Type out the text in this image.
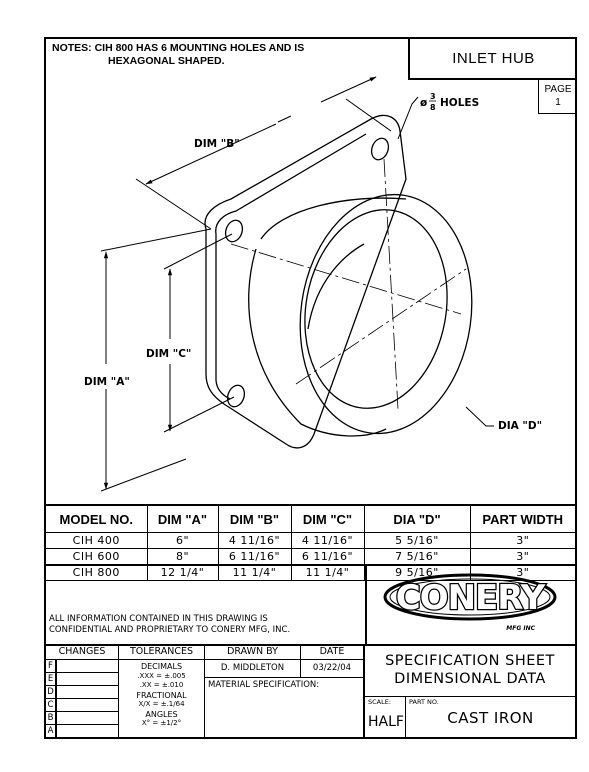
NOTES: CIH 800 HAS 6 MOUNTING HOLES AND IS
HEXAGONAL SHAPED.	INLET HUB
PAGE
1
DIM "B"
DIM "C"
DIM "A"
DIA "D"
ø
3
8 HOLES
MODEL NO.	DIM "A"	DIM "B"	DIM "C"	DIA "D"	PART WIDTH
CIH 400	6"	4 11/16"	4 11/16"	5 5/16"	3"
CIH 600	8"	6 11/16"	6 11/16"	7 5/16"	3"
CIH 800	12 1/4"	11 1/4"	11 1/4"	9 5/16"	3"
ALL INFORMATION CONTAINED IN THIS DRAWING IS
CONFIDENTIAL AND PROPRIETARY TO CONERY MFG, INC.
CONERY
MFG INC
CHANGES
F
E
D
C
B
A
TOLERANCES
DECIMALS
.XXX = ±.005
.XX = ±.010
FRACTIONAL
X/X = ±.1/64
ANGLES
X° = ±1/2°
DRAWN BY	DATE
D. MIDDLETON	03/22/04
MATERIAL SPECIFICATION:
SPECIFICATION SHEET
DIMENSIONAL DATA
SCALE:
HALF
PART NO.
CAST IRON
